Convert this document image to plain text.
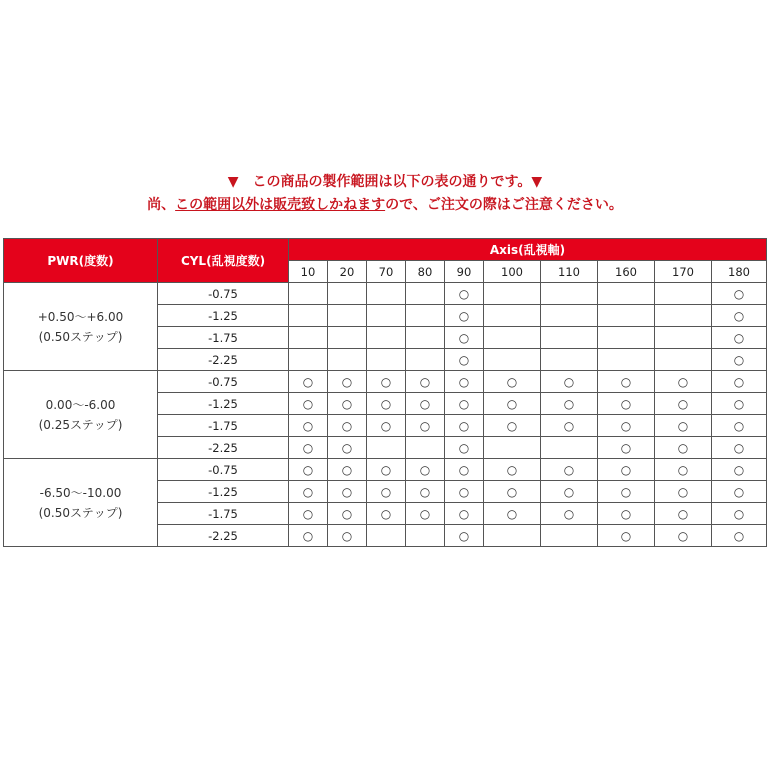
▼　この商品の製作範囲は以下の表の通りです。▼
尚、この範囲以外は販売致しかねますので、ご注文の際はご注意ください。
PWR(度数)	CYL(乱視度数)	Axis(乱視軸)									
		10	20	70	80	90	100	110	160	170	180

+0.50～+6.00
(0.50ステップ)	-0.75					○					○
	-1.25					○					○
	-1.75					○					○
	-2.25					○					○

0.00～-6.00
(0.25ステップ)	-0.75	○	○	○	○	○	○	○	○	○	○
	-1.25	○	○	○	○	○	○	○	○	○	○
	-1.75	○	○	○	○	○	○	○	○	○	○
	-2.25	○	○			○			○	○	○

-6.50～-10.00
(0.50ステップ)	-0.75	○	○	○	○	○	○	○	○	○	○
	-1.25	○	○	○	○	○	○	○	○	○	○
	-1.75	○	○	○	○	○	○	○	○	○	○
	-2.25	○	○			○			○	○	○
